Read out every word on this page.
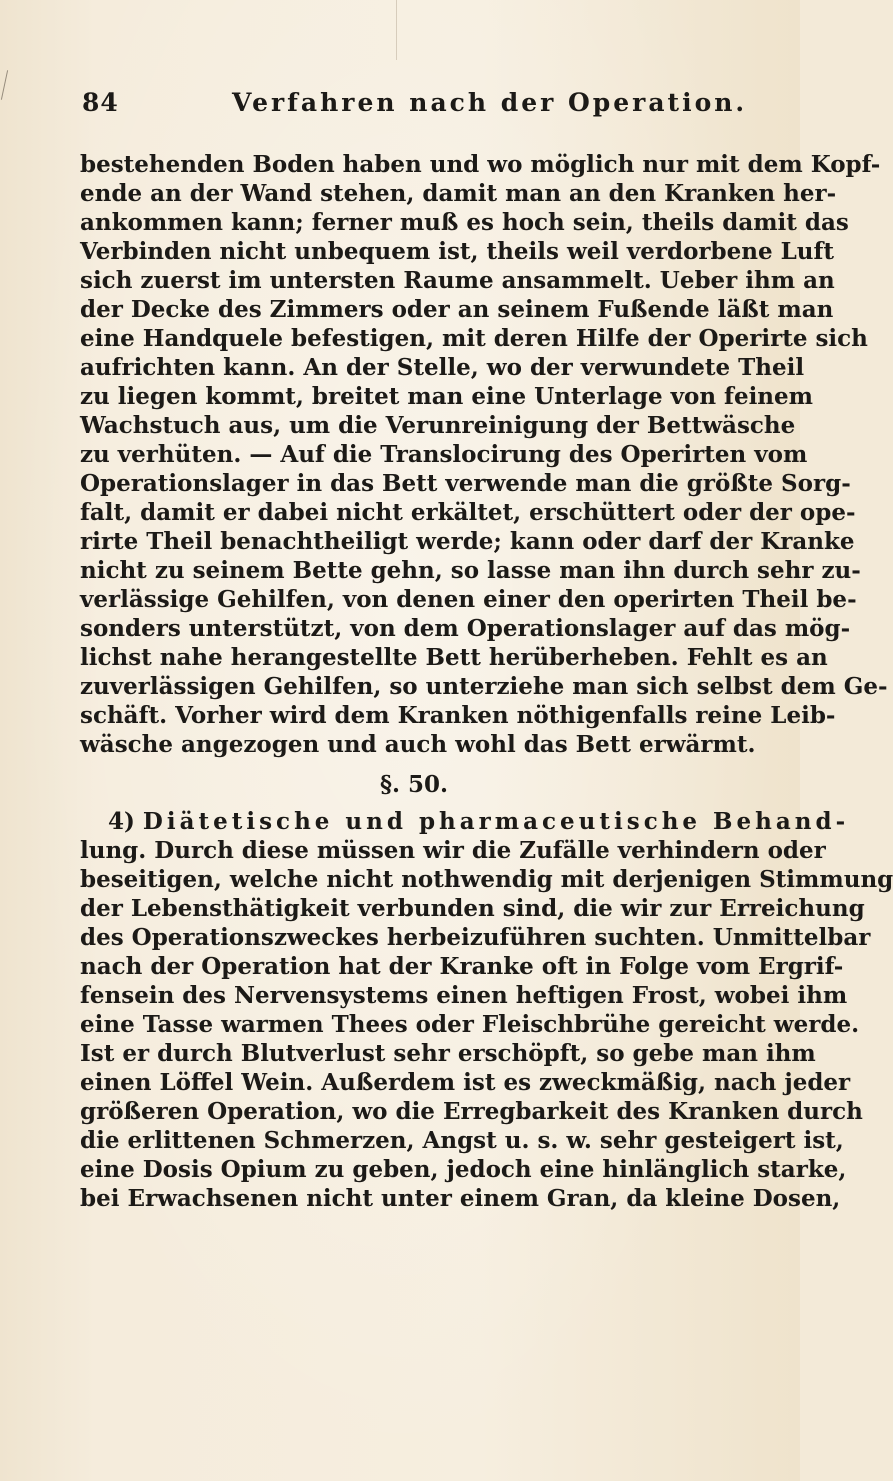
84	Verfahren nach der Operation.
bestehenden Boden haben und wo möglich nur mit dem Kopf-
ende an der Wand stehen, damit man an den Kranken her-
ankommen kann; ferner muß es hoch sein, theils damit das
Verbinden nicht unbequem ist, theils weil verdorbene Luft
sich zuerst im untersten Raume ansammelt. Ueber ihm an
der Decke des Zimmers oder an seinem Fußende läßt man
eine Handquele befestigen, mit deren Hilfe der Operirte sich
aufrichten kann. An der Stelle, wo der verwundete Theil
zu liegen kommt, breitet man eine Unterlage von feinem
Wachstuch aus, um die Verunreinigung der Bettwäsche
zu verhüten. — Auf die Translocirung des Operirten vom
Operationslager in das Bett verwende man die größte Sorg-
falt, damit er dabei nicht erkältet, erschüttert oder der ope-
rirte Theil benachtheiligt werde; kann oder darf der Kranke
nicht zu seinem Bette gehn, so lasse man ihn durch sehr zu-
verlässige Gehilfen, von denen einer den operirten Theil be-
sonders unterstützt, von dem Operationslager auf das mög-
lichst nahe herangestellte Bett herüberheben. Fehlt es an
zuverlässigen Gehilfen, so unterziehe man sich selbst dem Ge-
schäft. Vorher wird dem Kranken nöthigenfalls reine Leib-
wäsche angezogen und auch wohl das Bett erwärmt.
§. 50.
4) Diätetische und pharmaceutische Behand-
lung. Durch diese müssen wir die Zufälle verhindern oder
beseitigen, welche nicht nothwendig mit derjenigen Stimmung
der Lebensthätigkeit verbunden sind, die wir zur Erreichung
des Operationszweckes herbeizuführen suchten. Unmittelbar
nach der Operation hat der Kranke oft in Folge vom Ergrif-
fensein des Nervensystems einen heftigen Frost, wobei ihm
eine Tasse warmen Thees oder Fleischbrühe gereicht werde.
Ist er durch Blutverlust sehr erschöpft, so gebe man ihm
einen Löffel Wein. Außerdem ist es zweckmäßig, nach jeder
größeren Operation, wo die Erregbarkeit des Kranken durch
die erlittenen Schmerzen, Angst u. s. w. sehr gesteigert ist,
eine Dosis Opium zu geben, jedoch eine hinlänglich starke,
bei Erwachsenen nicht unter einem Gran, da kleine Dosen,
